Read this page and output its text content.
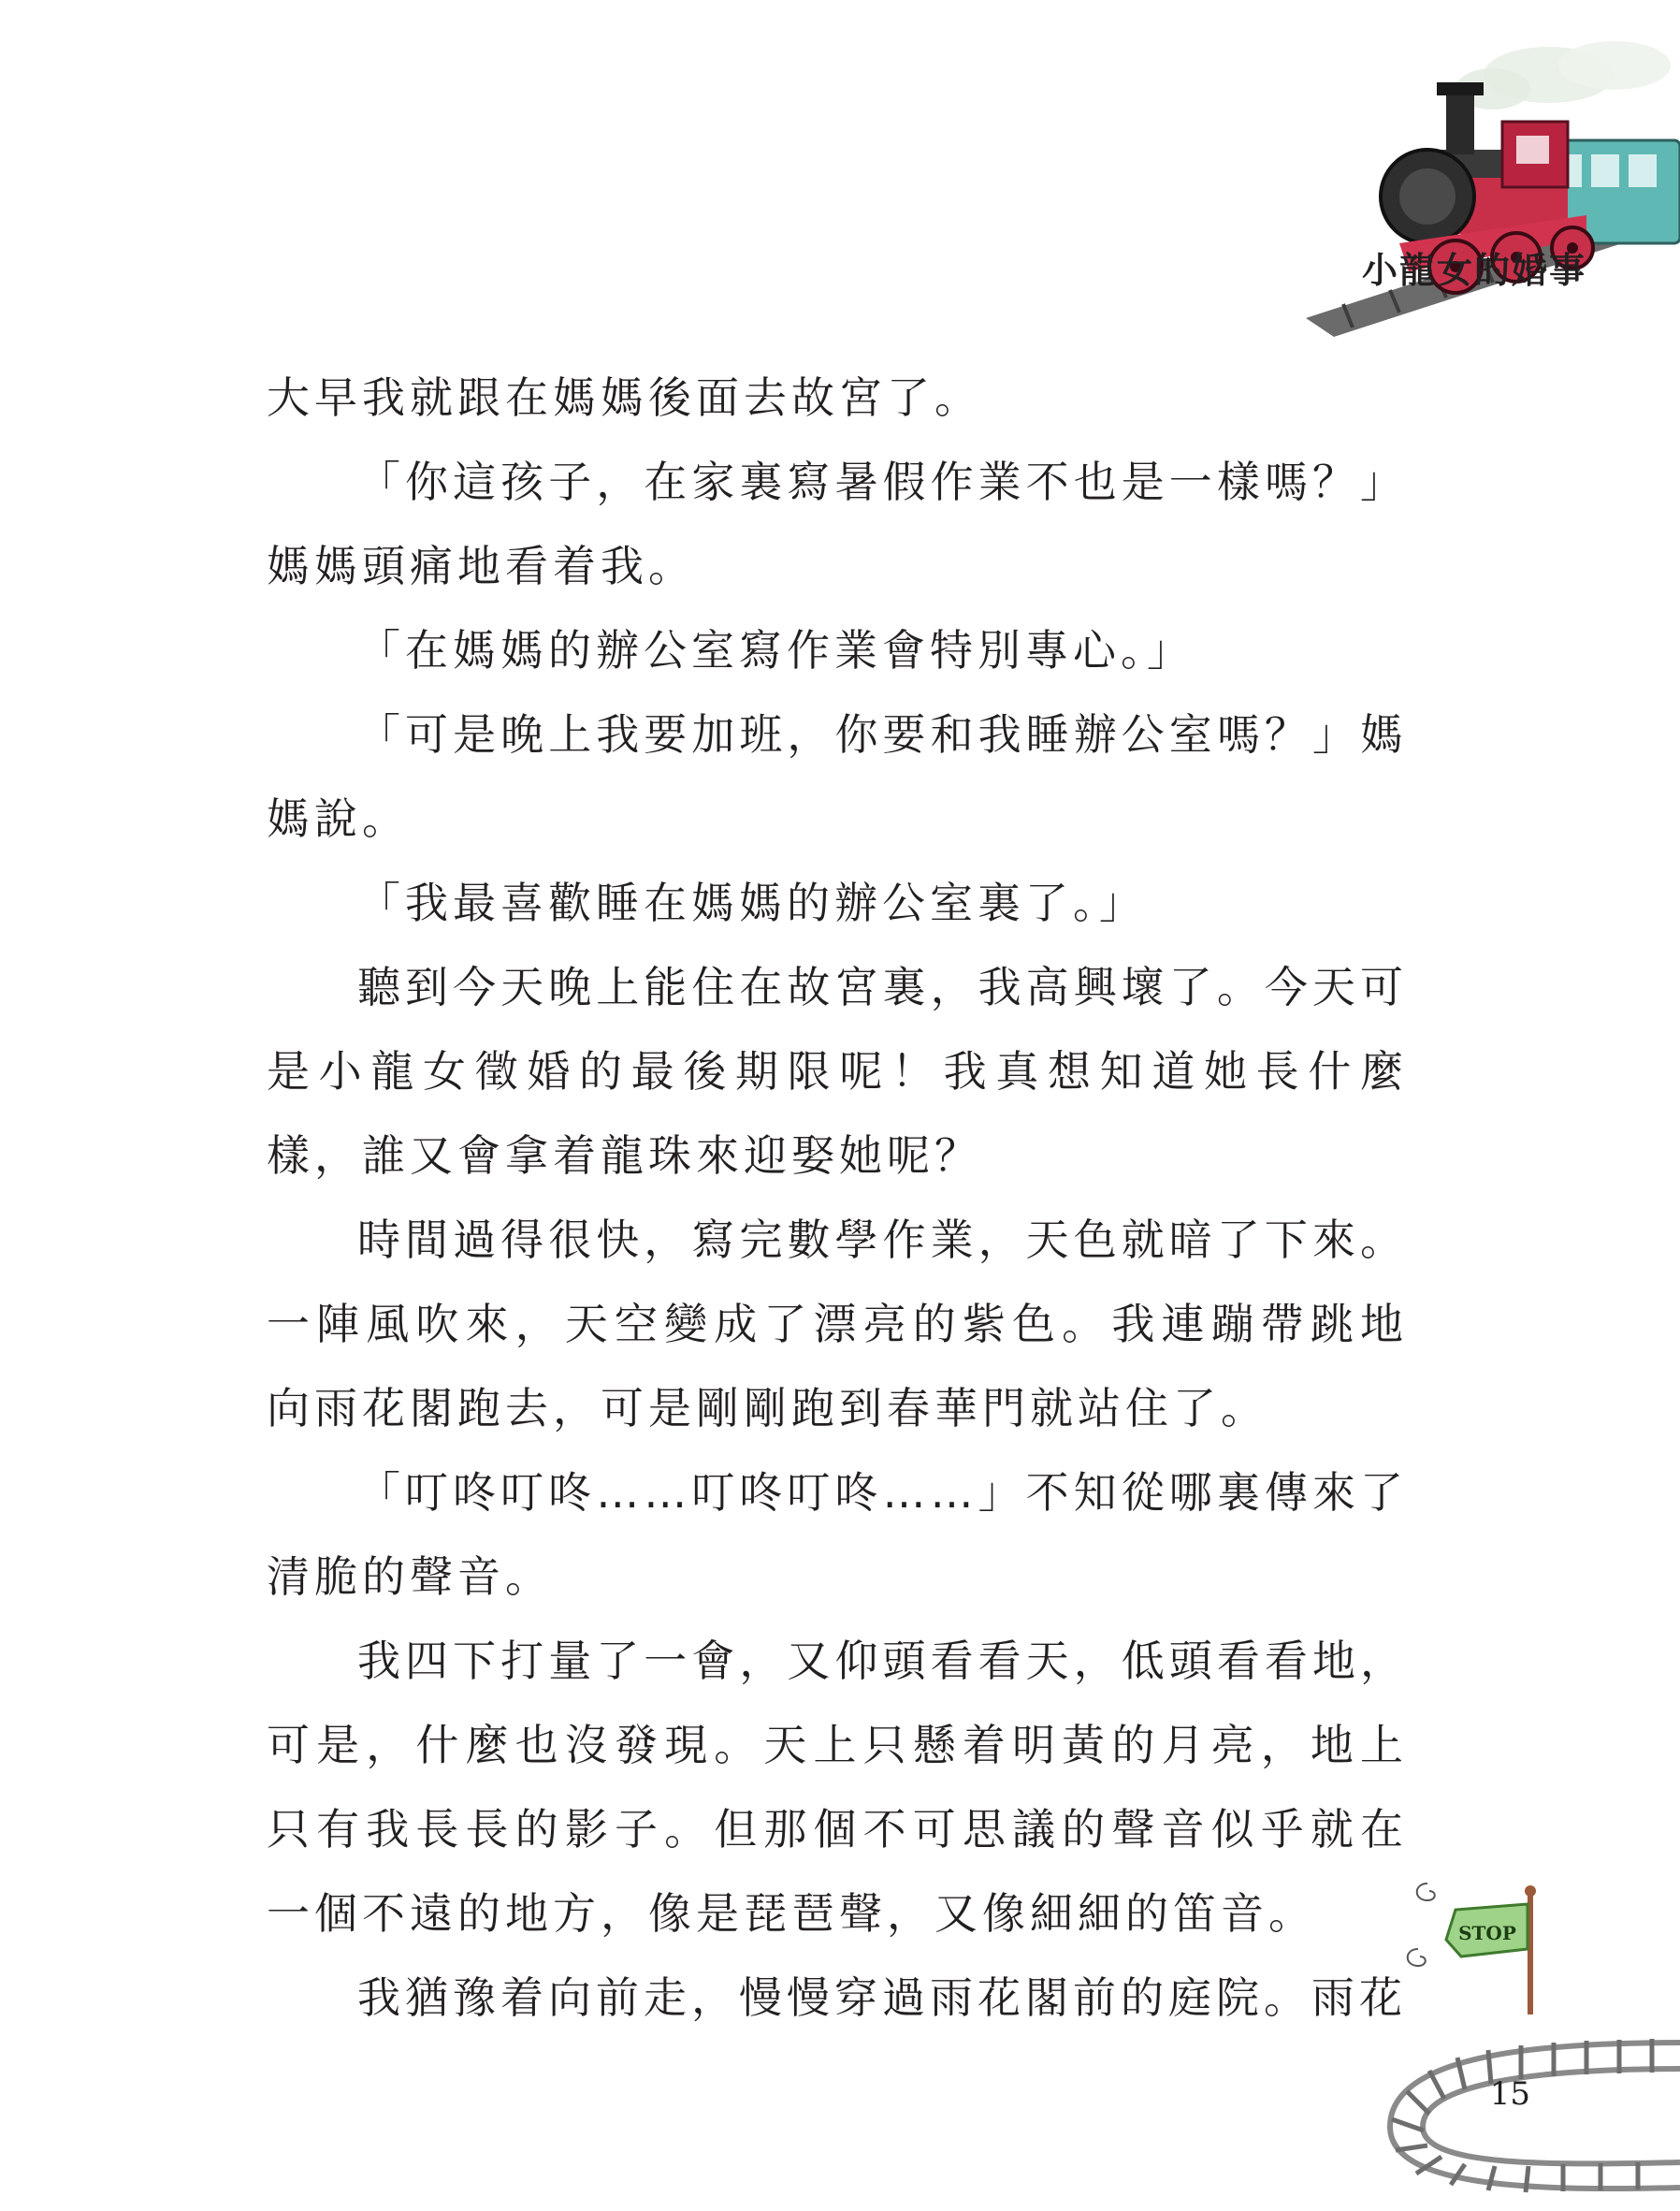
小龍女的婚事

大早我就跟在媽媽後面去故宮了。

「你這孩子，在家裏寫暑假作業不也是一樣嗎？」媽媽頭痛地看着我。

「在媽媽的辦公室寫作業會特別專心。」

「可是晚上我要加班，你要和我睡辦公室嗎？」媽媽說。

「我最喜歡睡在媽媽的辦公室裏了。」

聽到今天晚上能住在故宮裏，我高興壞了。今天可是小龍女徵婚的最後期限呢！我真想知道她長什麼樣，誰又會拿着龍珠來迎娶她呢？

時間過得很快，寫完數學作業，天色就暗了下來。一陣風吹來，天空變成了漂亮的紫色。我連蹦帶跳地向雨花閣跑去，可是剛剛跑到春華門就站住了。

「叮咚叮咚……叮咚叮咚……」不知從哪裏傳來了清脆的聲音。

我四下打量了一會，又仰頭看看天，低頭看看地，可是，什麼也沒發現。天上只懸着明黃的月亮，地上只有我長長的影子。但那個不可思議的聲音似乎就在一個不遠的地方，像是琵琶聲，又像細細的笛音。

我猶豫着向前走，慢慢穿過雨花閣前的庭院。雨花

STOP
15
